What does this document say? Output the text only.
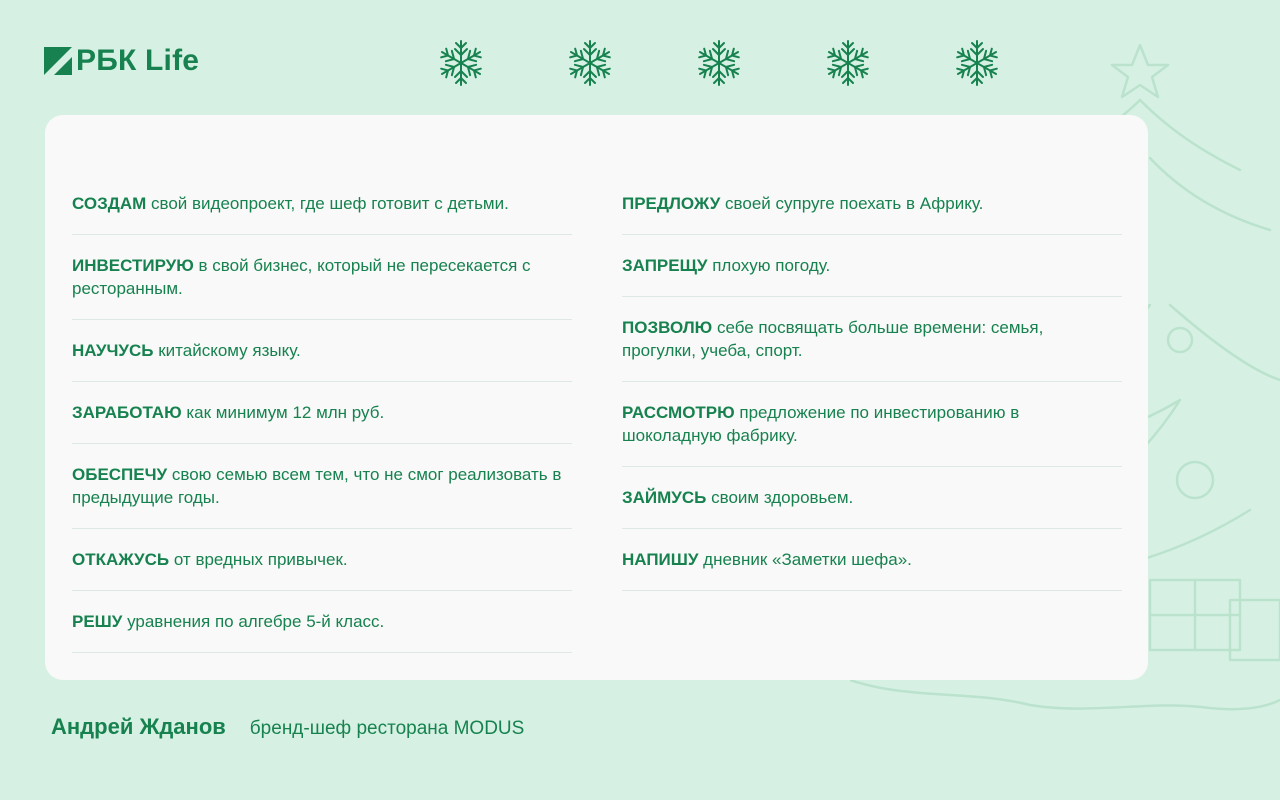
РБК Life
СОЗДАМ свой видеопроект, где шеф готовит с детьми.
ИНВЕСТИРУЮ в свой бизнес, который не пересекается с ресторанным.
НАУЧУСЬ китайскому языку.
ЗАРАБОТАЮ как минимум 12 млн руб.
ОБЕСПЕЧУ свою семью всем тем, что не смог реализовать в предыдущие годы.
ОТКАЖУСЬ от вредных привычек.
РЕШУ уравнения по алгебре 5-й класс.
ПРЕДЛОЖУ своей супруге поехать в Африку.
ЗАПРЕЩУ плохую погоду.
ПОЗВОЛЮ себе посвящать больше времени: семья, прогулки, учеба, спорт.
РАССМОТРЮ предложение по инвестированию в шоколадную фабрику.
ЗАЙМУСЬ своим здоровьем.
НАПИШУ дневник «Заметки шефа».
Андрей Жданов бренд-шеф ресторана MODUS
